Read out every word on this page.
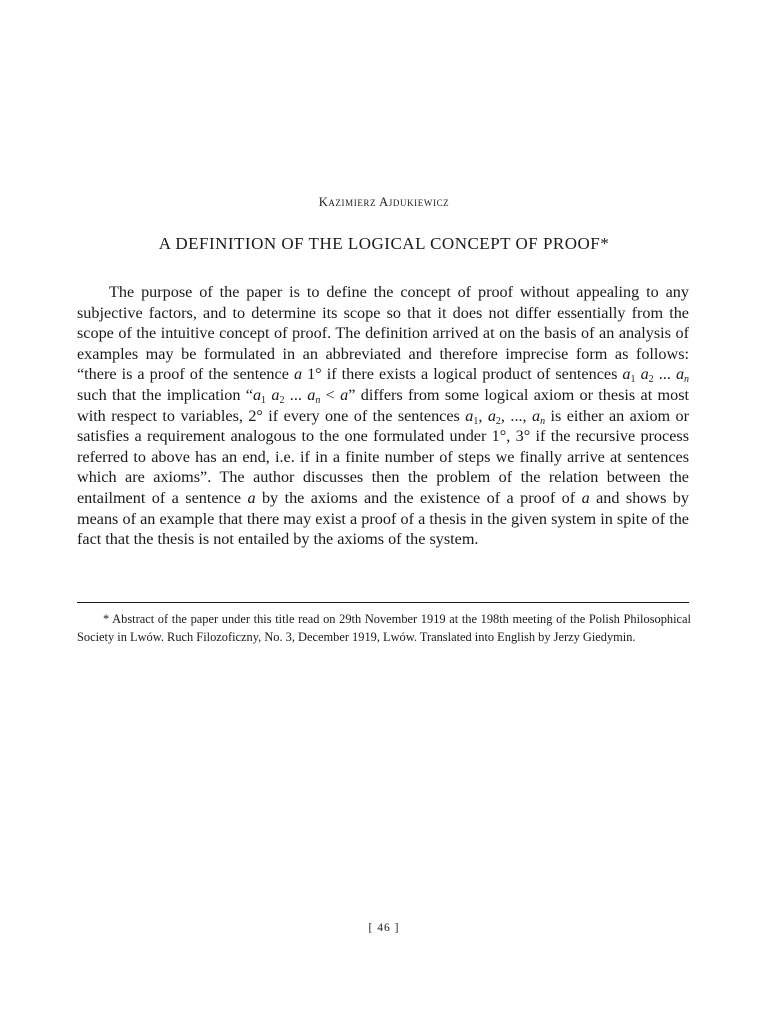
Kazimierz Ajdukiewicz
A DEFINITION OF THE LOGICAL CONCEPT OF PROOF*

The purpose of the paper is to define the concept of proof without appealing to any subjective factors, and to determine its scope so that it does not differ essentially from the scope of the intuitive concept of proof. The definition arrived at on the basis of an analysis of examples may be formulated in an abbreviated and therefore imprecise form as follows: “there is a proof of the sentence a 1° if there exists a logical product of sentences $a_1$ $a_2$ ... an such that the implication “$a_1$ $a_2$ ... an < a” differs from some logical axiom or thesis at most with respect to variables, 2° if every one of the sentences $a_1$, $a_2$, ..., an is either an axiom or satisfies a requirement analogous to the one formulated under 1°, 3° if the recursive process referred to above has an end, i.e. if in a finite number of steps we finally arrive at sentences which are axioms”. The author discusses then the problem of the relation between the entailment of a sentence a by the axioms and the existence of a proof of a and shows by means of an example that there may exist a proof of a thesis in the given system in spite of the fact that the thesis is not entailed by the axioms of the system.

* Abstract of the paper under this title read on 29th November 1919 at the 198th meeting of the Polish Philosophical Society in Lwów. Ruch Filozoficzny, No. 3, December 1919, Lwów. Translated into English by Jerzy Giedymin.

[ 46 ]
